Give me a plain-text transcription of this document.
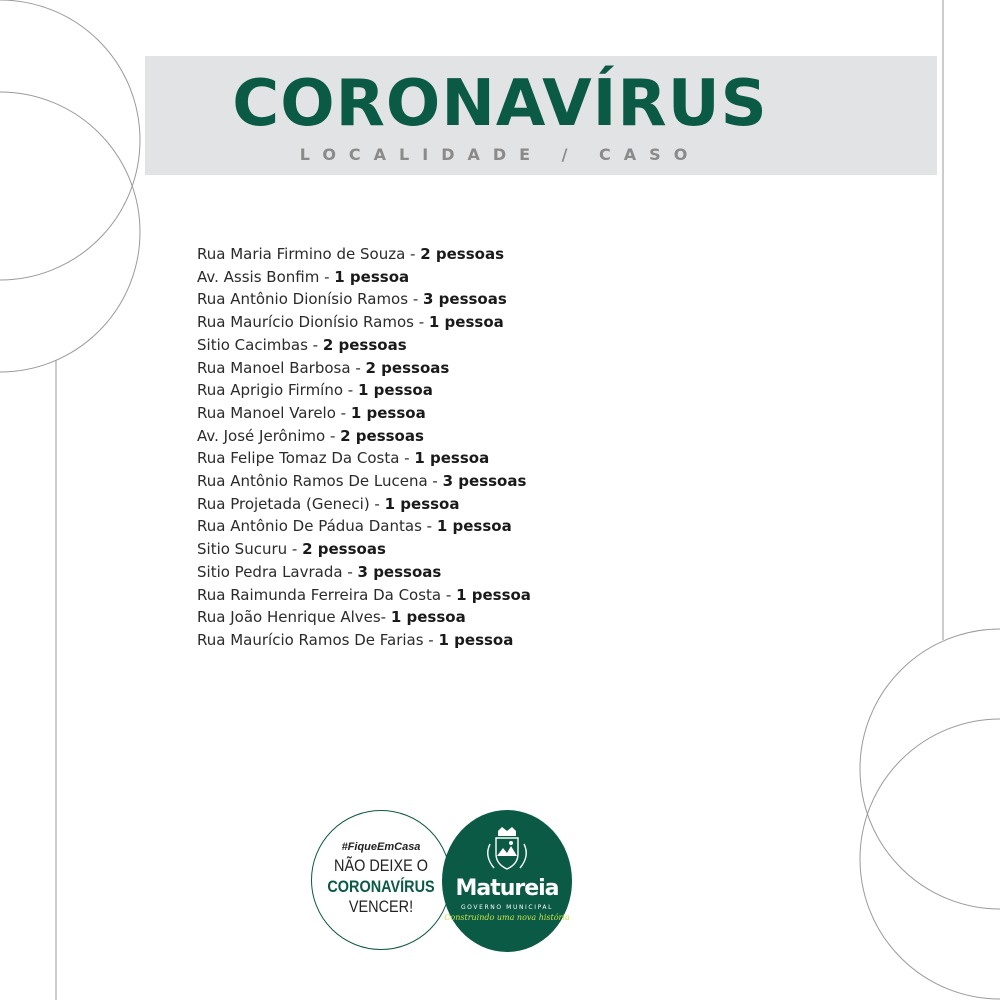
CORONAVÍRUS
LOCALIDADE / CASO
Rua Maria Firmino de Souza - 2 pessoas
Av. Assis Bonfim - 1 pessoa
Rua Antônio Dionísio Ramos - 3 pessoas
Rua Maurício Dionísio Ramos - 1 pessoa
Sitio Cacimbas - 2 pessoas
Rua Manoel Barbosa - 2 pessoas
Rua Aprigio Firmíno - 1 pessoa
Rua Manoel Varelo - 1 pessoa
Av. José Jerônimo - 2 pessoas
Rua Felipe Tomaz Da Costa - 1 pessoa
Rua Antônio Ramos De Lucena - 3 pessoas
Rua Projetada (Geneci) - 1 pessoa
Rua Antônio De Pádua Dantas - 1 pessoa
Sitio Sucuru - 2 pessoas
Sitio Pedra Lavrada - 3 pessoas
Rua Raimunda Ferreira Da Costa - 1 pessoa
Rua João Henrique Alves- 1 pessoa
Rua Maurício Ramos De Farias - 1 pessoa
#FiqueEmCasa
NÃO DEIXE O
CORONAVÍRUS
VENCER!
Matureia
GOVERNO MUNICIPAL
Construindo uma nova história
